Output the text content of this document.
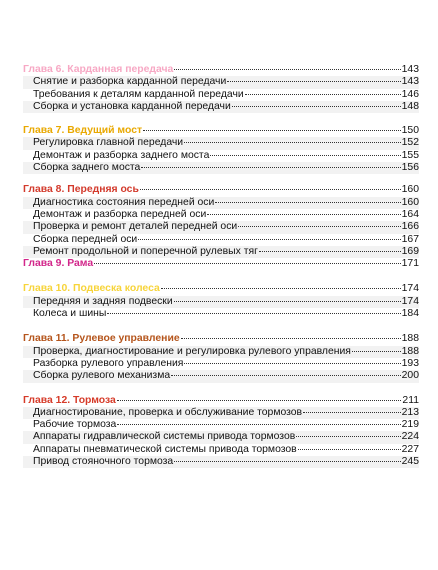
Глава 6. Карданная передача	143
Снятие и разборка карданной передачи	143
Требования к деталям карданной передачи	146
Сборка и установка карданной передачи	148
Глава 7. Ведущий мост	150
Регулировка главной передачи	152
Демонтаж и разборка заднего моста	155
Сборка заднего моста	156
Глава 8. Передняя ось	160
Диагностика состояния передней оси	160
Демонтаж и разборка передней оси	164
Проверка и ремонт деталей передней оси	166
Сборка передней оси	167
Ремонт продольной и поперечной рулевых тяг	169
Глава 9. Рама	171
Глава 10. Подвеска колеса	174
Передняя и задняя подвески	174
Колеса и шины	184
Глава 11. Рулевое управление	188
Проверка, диагностирование и регулировка рулевого управления	188
Разборка рулевого управления	193
Сборка рулевого механизма	200
Глава 12. Тормоза	211
Диагностирование, проверка и обслуживание тормозов	213
Рабочие тормоза	219
Аппараты гидравлической системы привода тормозов	224
Аппараты пневматической системы привода тормозов	227
Привод стояночного тормоза	245
